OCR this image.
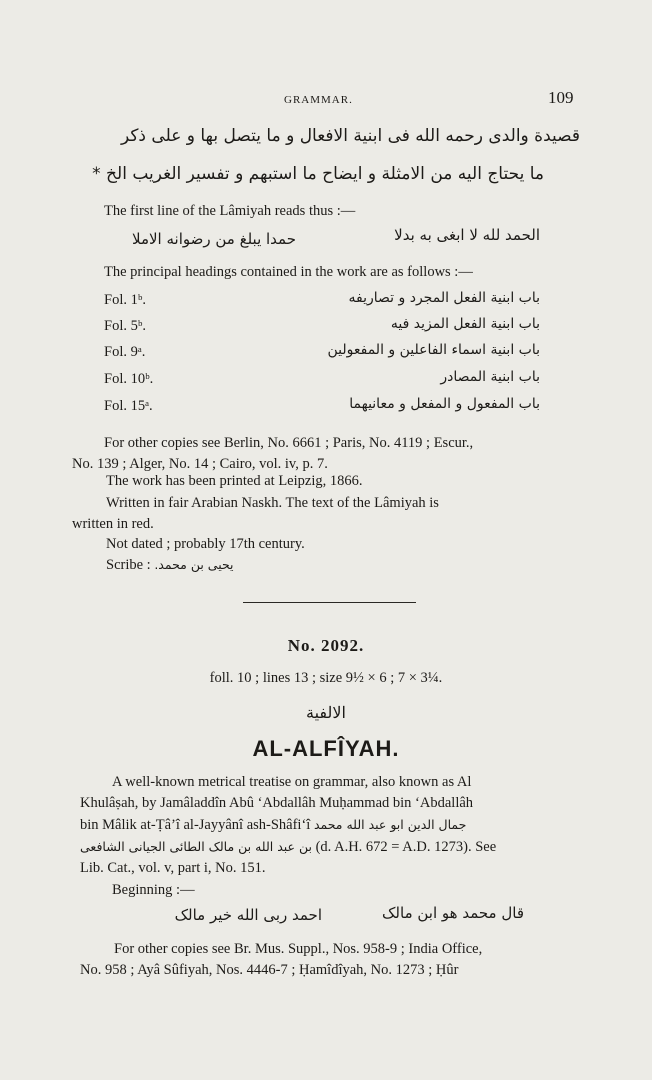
GRAMMAR.	109
قصيدة والدى رحمه الله فى ابنية الافعال و ما يتصل بها و على ذكر
ما يحتاج اليه من الامثلة و ايضاح ما استبهم و تفسير الغريب الخ *
The first line of the Lâmiyah reads thus :—
الحمد لله لا ابغى به بدلا
حمدا يبلغ من رضوانه الاملا
The principal headings contained in the work are as follows :—
Fol. 1ᵇ.	باب ابنية الفعل المجرد و تصاريفه
Fol. 5ᵇ.	باب ابنية الفعل المزيد فيه
Fol. 9ᵃ.	باب ابنية اسماء الفاعلين و المفعولين
Fol. 10ᵇ.	باب ابنية المصادر
Fol. 15ᵃ.	باب المفعول و المفعل و معانيهما
For other copies see Berlin, No. 6661 ; Paris, No. 4119 ; Escur.,
No. 139 ; Alger, No. 14 ; Cairo, vol. iv, p. 7.
The work has been printed at Leipzig, 1866.
Written in fair Arabian Naskh. The text of the Lâmiyah is
written in red.
Not dated ; probably 17th century.
Scribe : يحيى بن محمد.
No. 2092.
foll. 10 ; lines 13 ; size 9½ × 6 ; 7 × 3¼.
الالفية
AL-ALFÎYAH.
A well-known metrical treatise on grammar, also known as Al
Khulâṣah, by Jamâladdîn Abû ‘Abdallâh Muḥammad bin ‘Abdallâh
bin Mâlik at-Ṭâ’î al-Jayyânî ash-Shâfi‘î جمال الدين ابو عبد الله محمد
بن عبد الله بن مالک الطائى الجيانى الشافعى (d. A.H. 672 = A.D. 1273). See
Lib. Cat., vol. v, part i, No. 151.
Beginning :—
قال محمد هو ابن مالک
احمد ربى الله خير مالک
For other copies see Br. Mus. Suppl., Nos. 958-9 ; India Office,
No. 958 ; Ayâ Sûfiyah, Nos. 4446-7 ; Ḥamîdîyah, No. 1273 ; Ḥûr
